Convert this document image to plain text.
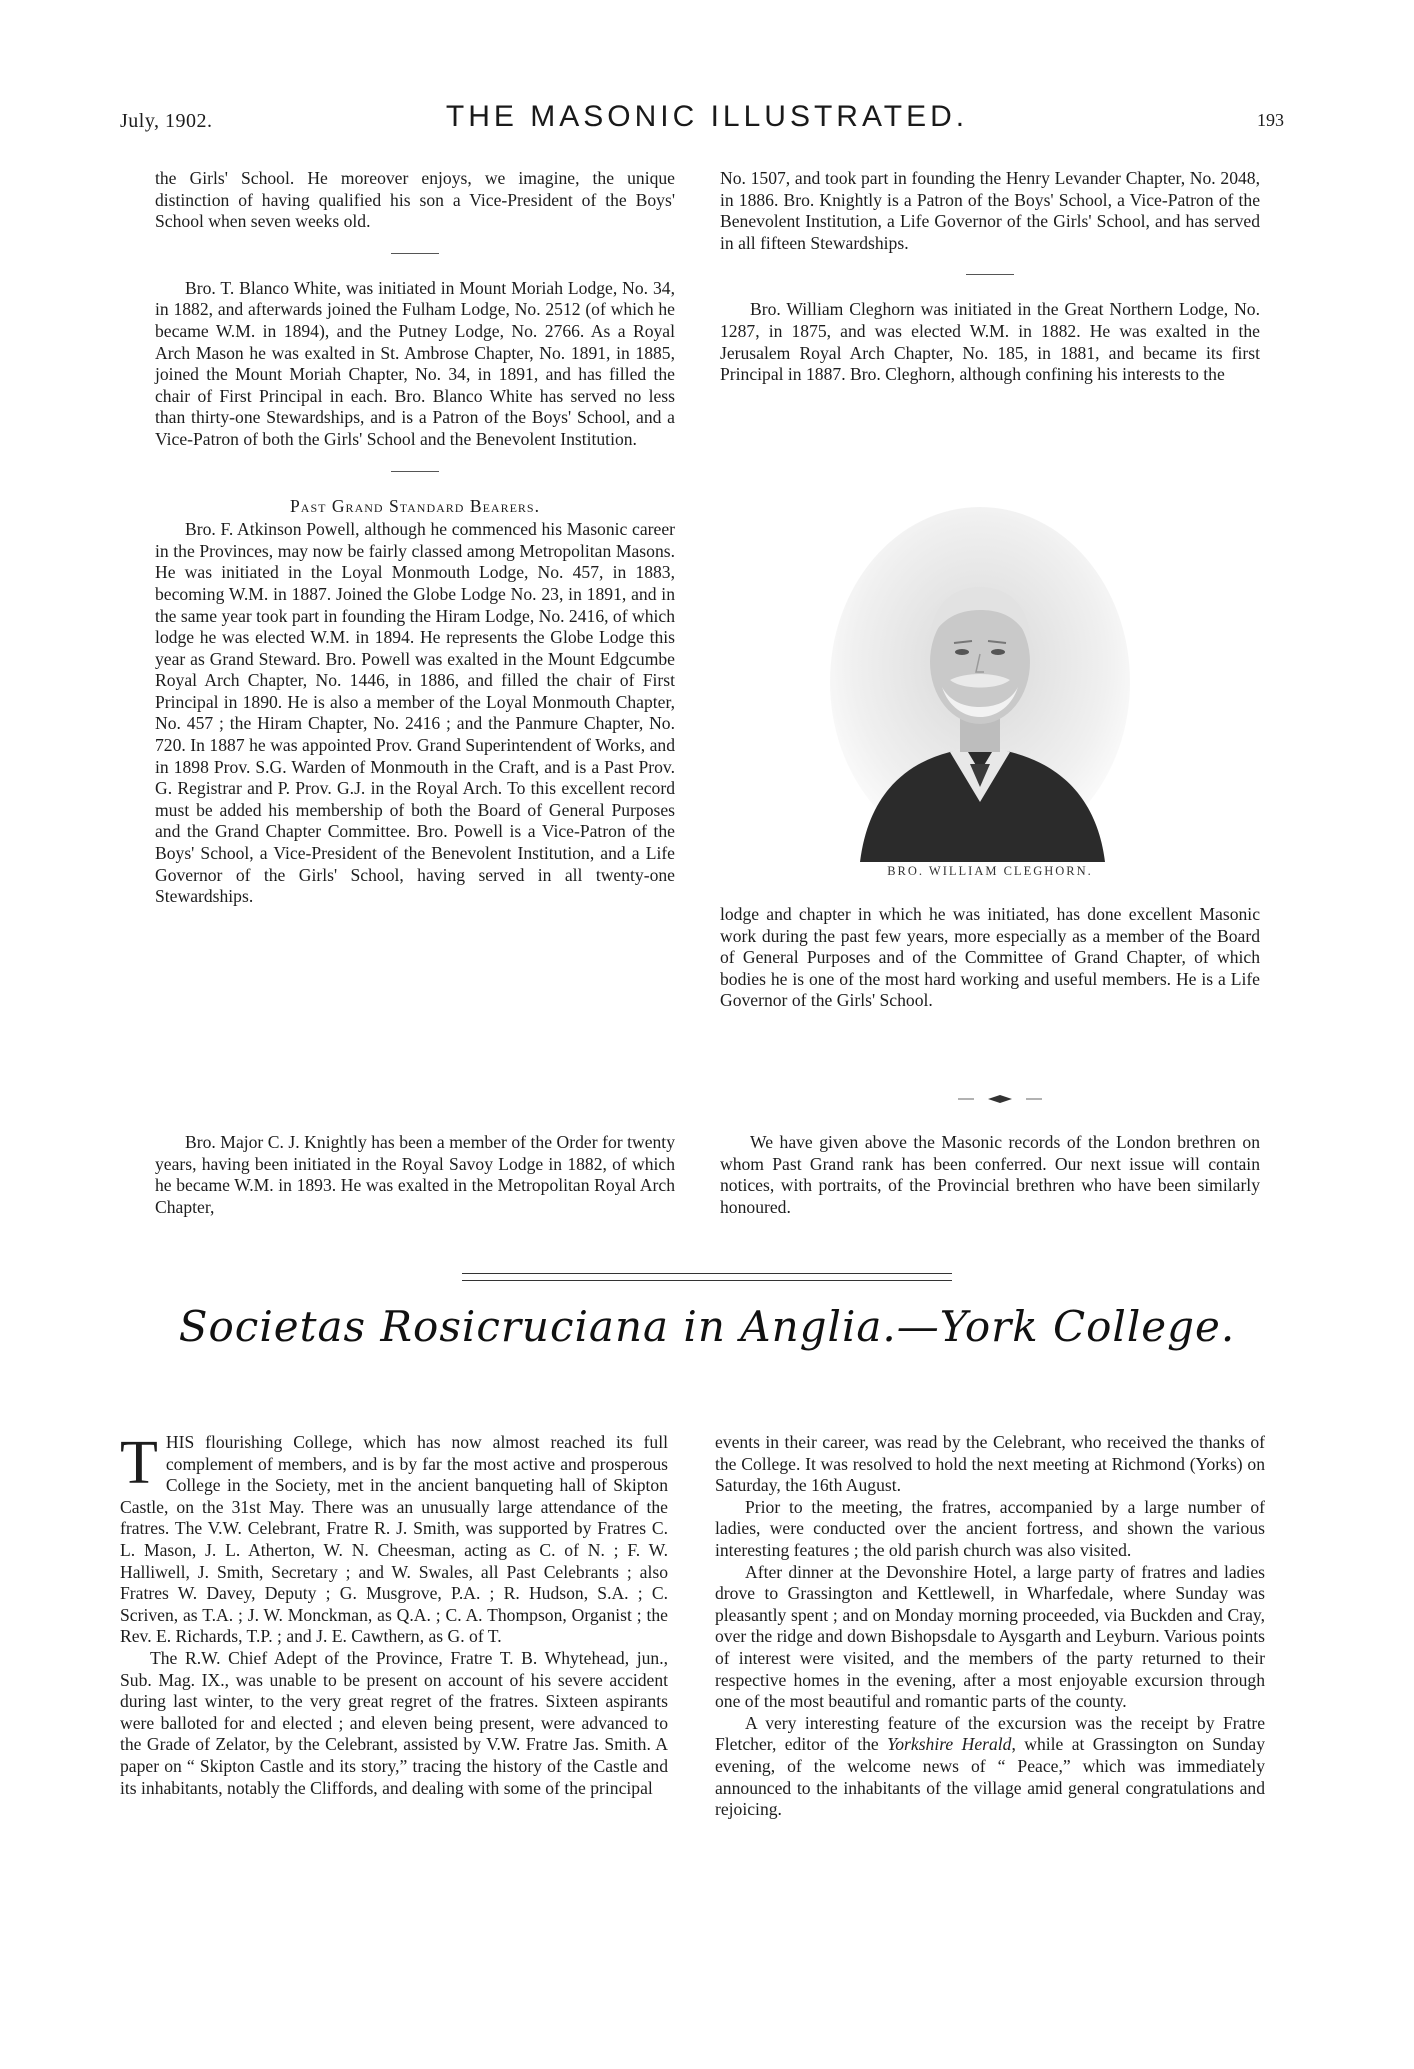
July, 1902.	THE MASONIC ILLUSTRATED.	193

the Girls' School. He moreover enjoys, we imagine, the unique distinction of having qualified his son a Vice-President of the Boys' School when seven weeks old.

Bro. T. Blanco White, was initiated in Mount Moriah Lodge, No. 34, in 1882, and afterwards joined the Fulham Lodge, No. 2512 (of which he became W.M. in 1894), and the Putney Lodge, No. 2766. As a Royal Arch Mason he was exalted in St. Ambrose Chapter, No. 1891, in 1885, joined the Mount Moriah Chapter, No. 34, in 1891, and has filled the chair of First Principal in each. Bro. Blanco White has served no less than thirty-one Stewardships, and is a Patron of the Boys' School, and a Vice-Patron of both the Girls' School and the Benevolent Institution.

Past Grand Standard Bearers.

Bro. F. Atkinson Powell, although he commenced his Masonic career in the Provinces, may now be fairly classed among Metropolitan Masons. He was initiated in the Loyal Monmouth Lodge, No. 457, in 1883, becoming W.M. in 1887. Joined the Globe Lodge No. 23, in 1891, and in the same year took part in founding the Hiram Lodge, No. 2416, of which lodge he was elected W.M. in 1894. He represents the Globe Lodge this year as Grand Steward. Bro. Powell was exalted in the Mount Edgcumbe Royal Arch Chapter, No. 1446, in 1886, and filled the chair of First Principal in 1890. He is also a member of the Loyal Monmouth Chapter, No. 457 ; the Hiram Chapter, No. 2416 ; and the Panmure Chapter, No. 720. In 1887 he was appointed Prov. Grand Superintendent of Works, and in 1898 Prov. S.G. Warden of Monmouth in the Craft, and is a Past Prov. G. Registrar and P. Prov. G.J. in the Royal Arch. To this excellent record must be added his membership of both the Board of General Purposes and the Grand Chapter Committee. Bro. Powell is a Vice-Patron of the Boys' School, a Vice-President of the Benevolent Institution, and a Life Governor of the Girls' School, having served in all twenty-one Stewardships.

No. 1507, and took part in founding the Henry Levander Chapter, No. 2048, in 1886. Bro. Knightly is a Patron of the Boys' School, a Vice-Patron of the Benevolent Institution, a Life Governor of the Girls' School, and has served in all fifteen Stewardships.

Bro. William Cleghorn was initiated in the Great Northern Lodge, No. 1287, in 1875, and was elected W.M. in 1882. He was exalted in the Jerusalem Royal Arch Chapter, No. 185, in 1881, and became its first Principal in 1887. Bro. Cleghorn, although confining his interests to the

BRO. WILLIAM CLEGHORN.

lodge and chapter in which he was initiated, has done excellent Masonic work during the past few years, more especially as a member of the Board of General Purposes and of the Committee of Grand Chapter, of which bodies he is one of the most hard working and useful members. He is a Life Governor of the Girls' School.

Bro. Major C. J. Knightly has been a member of the Order for twenty years, having been initiated in the Royal Savoy Lodge in 1882, of which he became W.M. in 1893. He was exalted in the Metropolitan Royal Arch Chapter,

We have given above the Masonic records of the London brethren on whom Past Grand rank has been conferred. Our next issue will contain notices, with portraits, of the Provincial brethren who have been similarly honoured.

Societas Rosicruciana in Anglia.—York College.

THIS flourishing College, which has now almost reached its full complement of members, and is by far the most active and prosperous College in the Society, met in the ancient banqueting hall of Skipton Castle, on the 31st May. There was an unusually large attendance of the fratres. The V.W. Celebrant, Fratre R. J. Smith, was supported by Fratres C. L. Mason, J. L. Atherton, W. N. Cheesman, acting as C. of N. ; F. W. Halliwell, J. Smith, Secretary ; and W. Swales, all Past Celebrants ; also Fratres W. Davey, Deputy ; G. Musgrove, P.A. ; R. Hudson, S.A. ; C. Scriven, as T.A. ; J. W. Monckman, as Q.A. ; C. A. Thompson, Organist ; the Rev. E. Richards, T.P. ; and J. E. Cawthern, as G. of T.

The R.W. Chief Adept of the Province, Fratre T. B. Whytehead, jun., Sub. Mag. IX., was unable to be present on account of his severe accident during last winter, to the very great regret of the fratres. Sixteen aspirants were balloted for and elected ; and eleven being present, were advanced to the Grade of Zelator, by the Celebrant, assisted by V.W. Fratre Jas. Smith. A paper on “ Skipton Castle and its story,” tracing the history of the Castle and its inhabitants, notably the Cliffords, and dealing with some of the principal

events in their career, was read by the Celebrant, who received the thanks of the College. It was resolved to hold the next meeting at Richmond (Yorks) on Saturday, the 16th August.

Prior to the meeting, the fratres, accompanied by a large number of ladies, were conducted over the ancient fortress, and shown the various interesting features ; the old parish church was also visited.

After dinner at the Devonshire Hotel, a large party of fratres and ladies drove to Grassington and Kettlewell, in Wharfedale, where Sunday was pleasantly spent ; and on Monday morning proceeded, via Buckden and Cray, over the ridge and down Bishopsdale to Aysgarth and Leyburn. Various points of interest were visited, and the members of the party returned to their respective homes in the evening, after a most enjoyable excursion through one of the most beautiful and romantic parts of the county.

A very interesting feature of the excursion was the receipt by Fratre Fletcher, editor of the Yorkshire Herald, while at Grassington on Sunday evening, of the welcome news of “ Peace,” which was immediately announced to the inhabitants of the village amid general congratulations and rejoicing.
